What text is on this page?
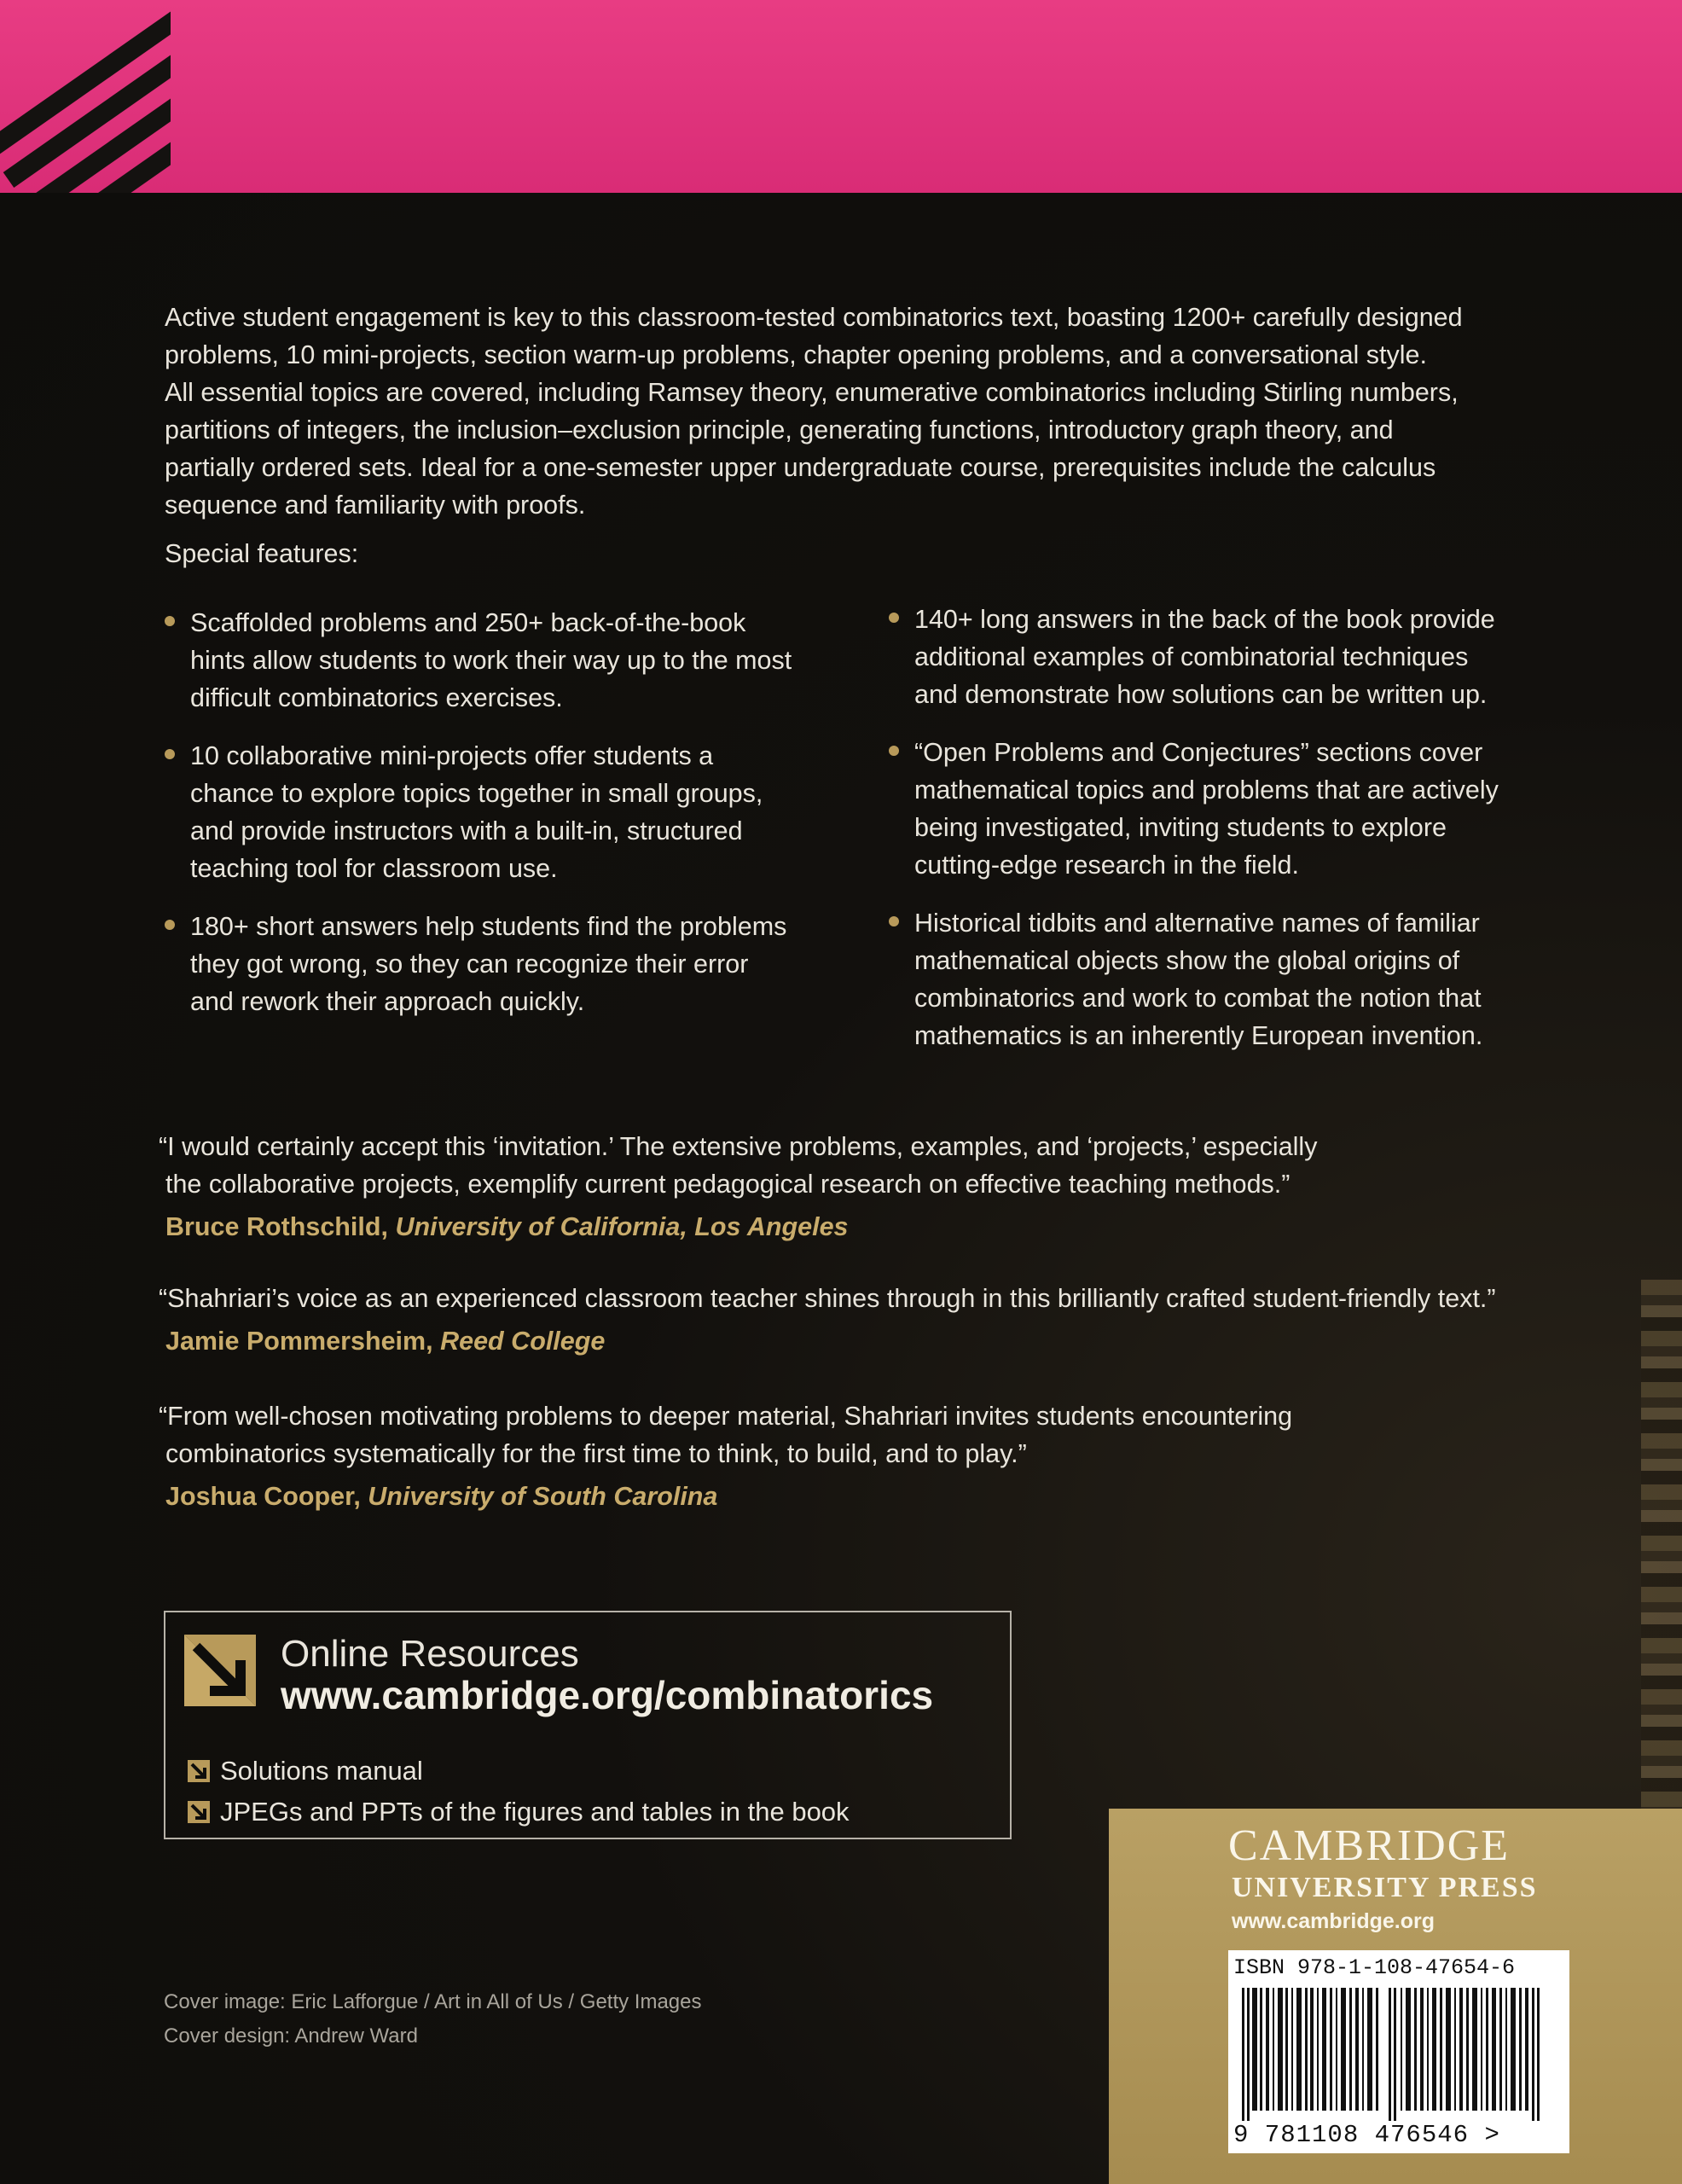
Active student engagement is key to this classroom-tested combinatorics text, boasting 1200+ carefully designed
problems, 10 mini-projects, section warm-up problems, chapter opening problems, and a conversational style.
All essential topics are covered, including Ramsey theory, enumerative combinatorics including Stirling numbers,
partitions of integers, the inclusion–exclusion principle, generating functions, introductory graph theory, and
partially ordered sets. Ideal for a one-semester upper undergraduate course, prerequisites include the calculus
sequence and familiarity with proofs.
Special features:
Scaffolded problems and 250+ back-of-the-book
hints allow students to work their way up to the most
difficult combinatorics exercises.
10 collaborative mini-projects offer students a
chance to explore topics together in small groups,
and provide instructors with a built-in, structured
teaching tool for classroom use.
180+ short answers help students find the problems
they got wrong, so they can recognize their error
and rework their approach quickly.
140+ long answers in the back of the book provide
additional examples of combinatorial techniques
and demonstrate how solutions can be written up.
“Open Problems and Conjectures” sections cover
mathematical topics and problems that are actively
being investigated, inviting students to explore
cutting-edge research in the field.
Historical tidbits and alternative names of familiar
mathematical objects show the global origins of
combinatorics and work to combat the notion that
mathematics is an inherently European invention.
“I would certainly accept this ‘invitation.’ The extensive problems, examples, and ‘projects,’ especially
the collaborative projects, exemplify current pedagogical research on effective teaching methods.”
Bruce Rothschild, University of California, Los Angeles
“Shahriari’s voice as an experienced classroom teacher shines through in this brilliantly crafted student-friendly text.”
Jamie Pommersheim, Reed College
“From well-chosen motivating problems to deeper material, Shahriari invites students encountering
combinatorics systematically for the first time to think, to build, and to play.”
Joshua Cooper, University of South Carolina
Online Resources
www.cambridge.org/combinatorics
Solutions manual
JPEGs and PPTs of the figures and tables in the book
Cover image: Eric Lafforgue / Art in All of Us / Getty Images
Cover design: Andrew Ward
CAMBRIDGE
UNIVERSITY PRESS
www.cambridge.org
ISBN 978-1-108-47654-6
9 781108 476546 >
